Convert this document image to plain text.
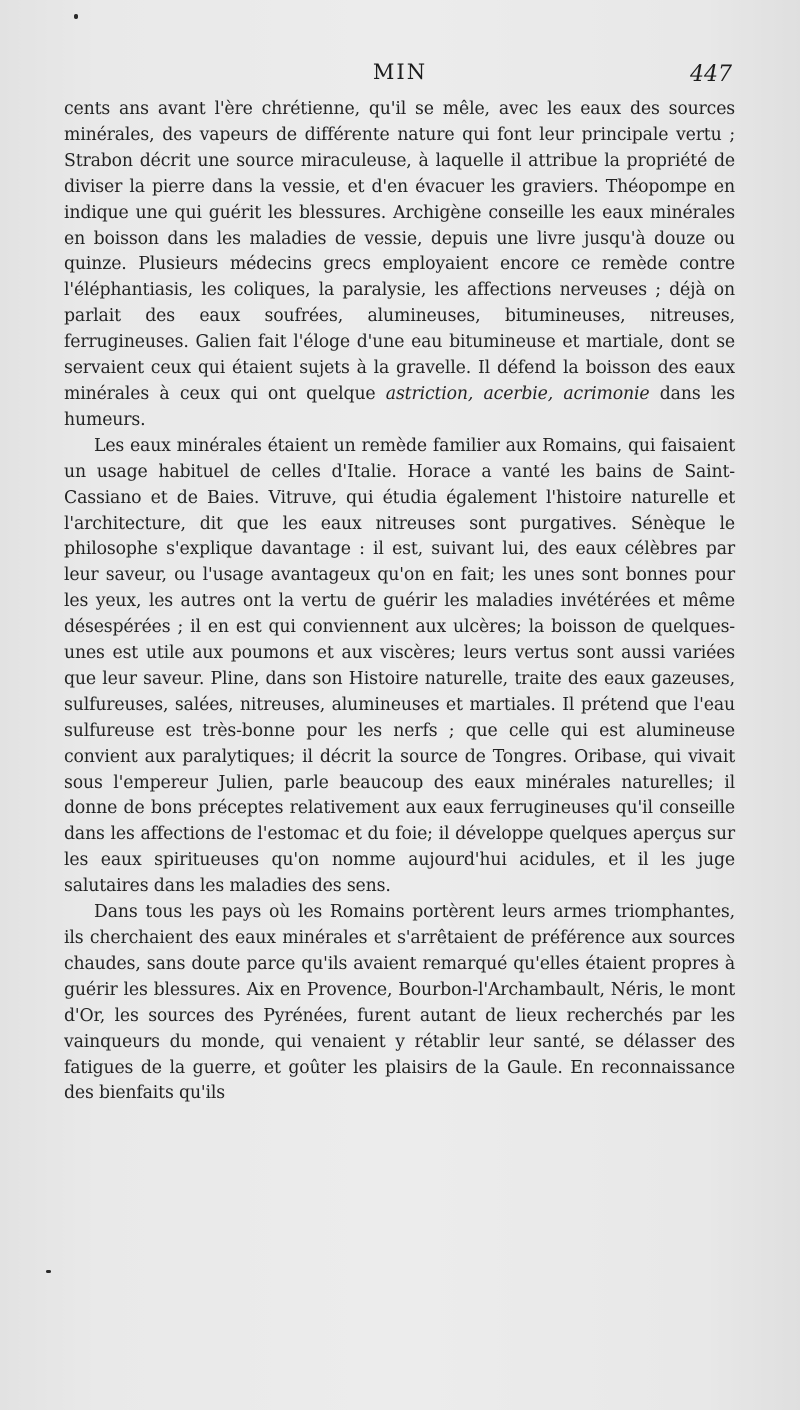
MIN	447

cents ans avant l'ère chrétienne, qu'il se mêle, avec les eaux des sources minérales, des vapeurs de différente nature qui font leur principale vertu ; Strabon décrit une source miraculeuse, à laquelle il attribue la propriété de diviser la pierre dans la vessie, et d'en évacuer les graviers. Théopompe en indique une qui guérit les blessures. Archigène conseille les eaux minérales en boisson dans les maladies de vessie, depuis une livre jusqu'à douze ou quinze. Plusieurs médecins grecs employaient encore ce remède contre l'éléphantiasis, les coliques, la paralysie, les affections nerveuses ; déjà on parlait des eaux soufrées, alumineuses, bitumineuses, nitreuses, ferrugineuses. Galien fait l'éloge d'une eau bitumineuse et martiale, dont se servaient ceux qui étaient sujets à la gravelle. Il défend la boisson des eaux minérales à ceux qui ont quelque astriction, acerbie, acrimonie dans les humeurs.

Les eaux minérales étaient un remède familier aux Romains, qui faisaient un usage habituel de celles d'Italie. Horace a vanté les bains de Saint-Cassiano et de Baies. Vitruve, qui étudia également l'histoire naturelle et l'architecture, dit que les eaux nitreuses sont purgatives. Sénèque le philosophe s'explique davantage : il est, suivant lui, des eaux célèbres par leur saveur, ou l'usage avantageux qu'on en fait; les unes sont bonnes pour les yeux, les autres ont la vertu de guérir les maladies invétérées et même désespérées ; il en est qui conviennent aux ulcères; la boisson de quelques-unes est utile aux poumons et aux viscères; leurs vertus sont aussi variées que leur saveur. Pline, dans son Histoire naturelle, traite des eaux gazeuses, sulfureuses, salées, nitreuses, alumineuses et martiales. Il prétend que l'eau sulfureuse est très-bonne pour les nerfs ; que celle qui est alumineuse convient aux paralytiques; il décrit la source de Tongres. Oribase, qui vivait sous l'empereur Julien, parle beaucoup des eaux minérales naturelles; il donne de bons préceptes relativement aux eaux ferrugineuses qu'il conseille dans les affections de l'estomac et du foie; il développe quelques aperçus sur les eaux spiritueuses qu'on nomme aujourd'hui acidules, et il les juge salutaires dans les maladies des sens.

Dans tous les pays où les Romains portèrent leurs armes triomphantes, ils cherchaient des eaux minérales et s'arrêtaient de préférence aux sources chaudes, sans doute parce qu'ils avaient remarqué qu'elles étaient propres à guérir les blessures. Aix en Provence, Bourbon-l'Archambault, Néris, le mont d'Or, les sources des Pyrénées, furent autant de lieux recherchés par les vainqueurs du monde, qui venaient y rétablir leur santé, se délasser des fatigues de la guerre, et goûter les plaisirs de la Gaule. En reconnaissance des bienfaits qu'ils
